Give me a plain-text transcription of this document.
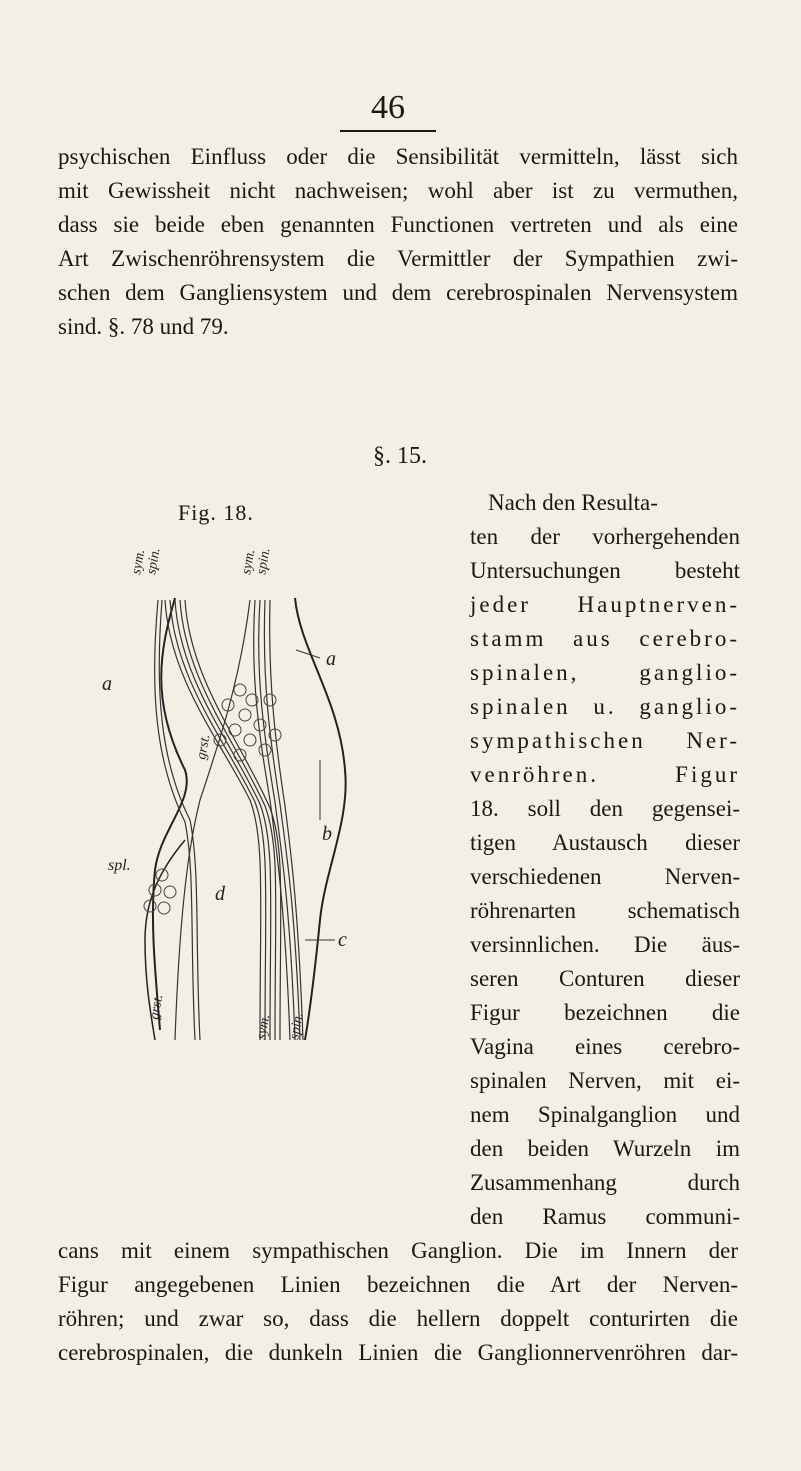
46
psychischen Einfluss oder die Sensibilität vermitteln, lässt sich
mit Gewissheit nicht nachweisen; wohl aber ist zu vermuthen,
dass sie beide eben genannten Functionen vertreten und als eine
Art Zwischenröhrensystem die Vermittler der Sympathien zwi-
schen dem Gangliensystem und dem cerebrospinalen Nervensystem
sind. §. 78 und 79.
§. 15.
Fig. 18.
sym.
spin.	sym.
spin.
a
a
grst.
spl.
b
d
c
grst.
sym. spin.
Nach den Resulta-
ten der vorhergehenden
Untersuchungen besteht
jeder Hauptnerven-
stamm aus cerebro-
spinalen, ganglio-
spinalen u. ganglio-
sympathischen Ner-
venröhren. Figur
18. soll den gegensei-
tigen Austausch dieser
verschiedenen Nerven-
röhrenarten schematisch
versinnlichen. Die äus-
seren Conturen dieser
Figur bezeichnen die
Vagina eines cerebro-
spinalen Nerven, mit ei-
nem Spinalganglion und
den beiden Wurzeln im
Zusammenhang durch
den Ramus communi-
cans mit einem sympathischen Ganglion. Die im Innern der
Figur angegebenen Linien bezeichnen die Art der Nerven-
röhren; und zwar so, dass die hellern doppelt conturirten die
cerebrospinalen, die dunkeln Linien die Ganglionnervenröhren dar-
